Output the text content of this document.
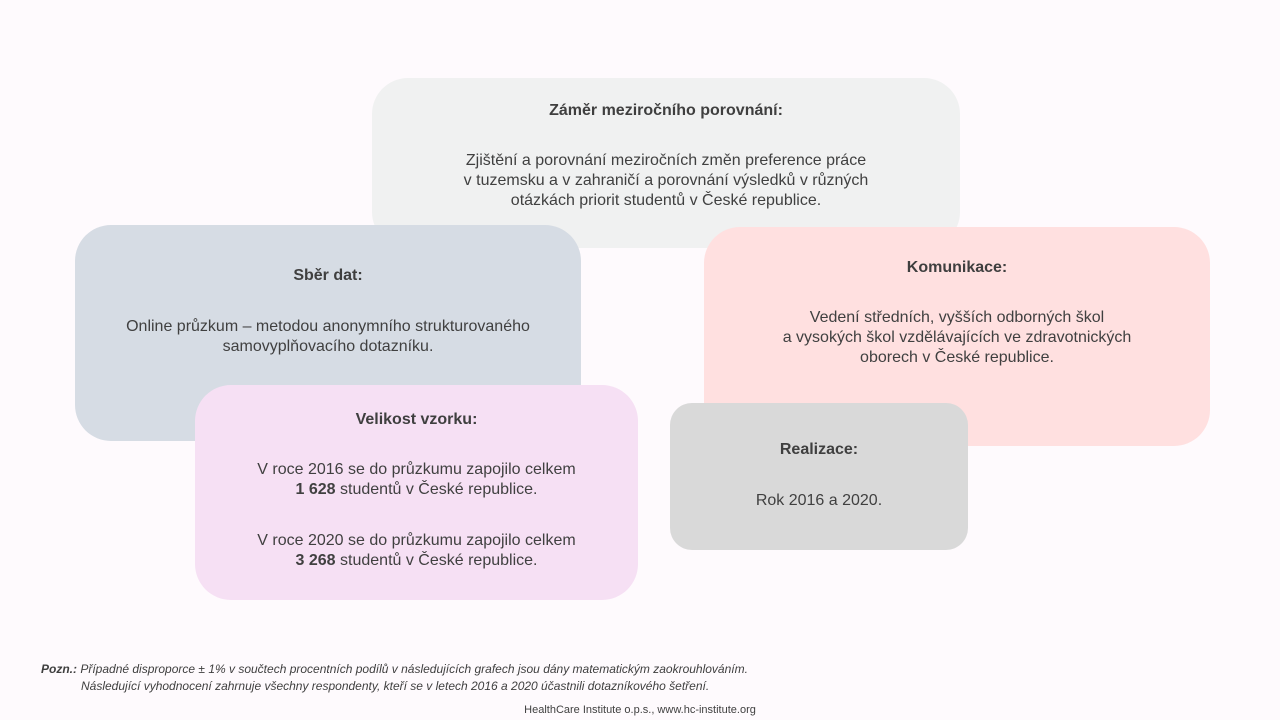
Záměr meziročního porovnání:

Zjištění a porovnání meziročních změn preference práce
v tuzemsku a v zahraničí a porovnání výsledků v různých
otázkách priorit studentů v České republice.

Sběr dat:

Online průzkum – metodou anonymního strukturovaného
samovyplňovacího dotazníku.

Komunikace:

Vedení středních, vyšších odborných škol
a vysokých škol vzdělávajících ve zdravotnických
oborech v České republice.

Velikost vzorku:

V roce 2016 se do průzkumu zapojilo celkem
1 628 studentů v České republice.

V roce 2020 se do průzkumu zapojilo celkem
3 268 studentů v České republice.

Realizace:

Rok 2016 a 2020.

Pozn.: Případné disproporce ± 1% v součtech procentních podílů v následujících grafech jsou dány matematickým zaokrouhlováním.
Následující vyhodnocení zahrnuje všechny respondenty, kteří se v letech 2016 a 2020 účastnili dotazníkového šetření.
HealthCare Institute o.p.s., www.hc-institute.org
